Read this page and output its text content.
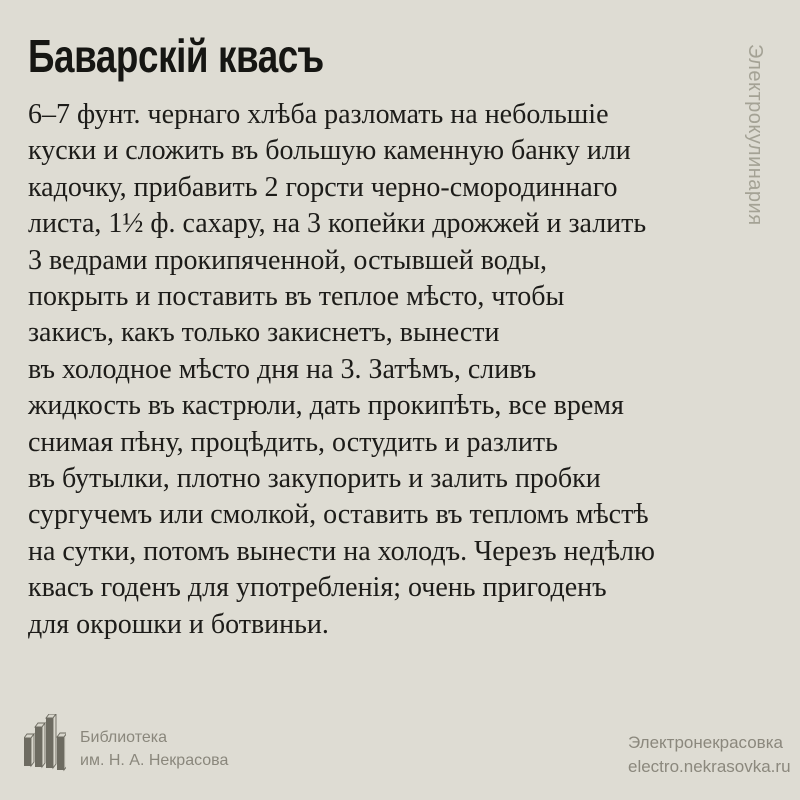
Баварскій квасъ
6–7 фунт. чернаго хлѣба разломать на небольшіе
куски и сложить въ большую каменную банку или
кадочку, прибавить 2 горсти черно-смородиннаго
листа, 1½ ф. сахару, на 3 копейки дрожжей и залить
3 ведрами прокипяченной, остывшей воды,
покрыть и поставить въ теплое мѣсто, чтобы
закисъ, какъ только закиснетъ, вынести
въ холодное мѣсто дня на 3. Затѣмъ, сливъ
жидкость въ кастрюли, дать прокипѣть, все время
снимая пѣну, процѣдить, остудить и разлить
въ бутылки, плотно закупорить и залить пробки
сургучемъ или смолкой, оставить въ тепломъ мѣстѣ
на сутки, потомъ вынести на холодъ. Черезъ недѣлю
квасъ годенъ для употребленія; очень пригоденъ
для окрошки и ботвиньи.
Электрокулинария
Библиотека
им. Н. А. Некрасова
Электронекрасовка
electro.nekrasovka.ru
